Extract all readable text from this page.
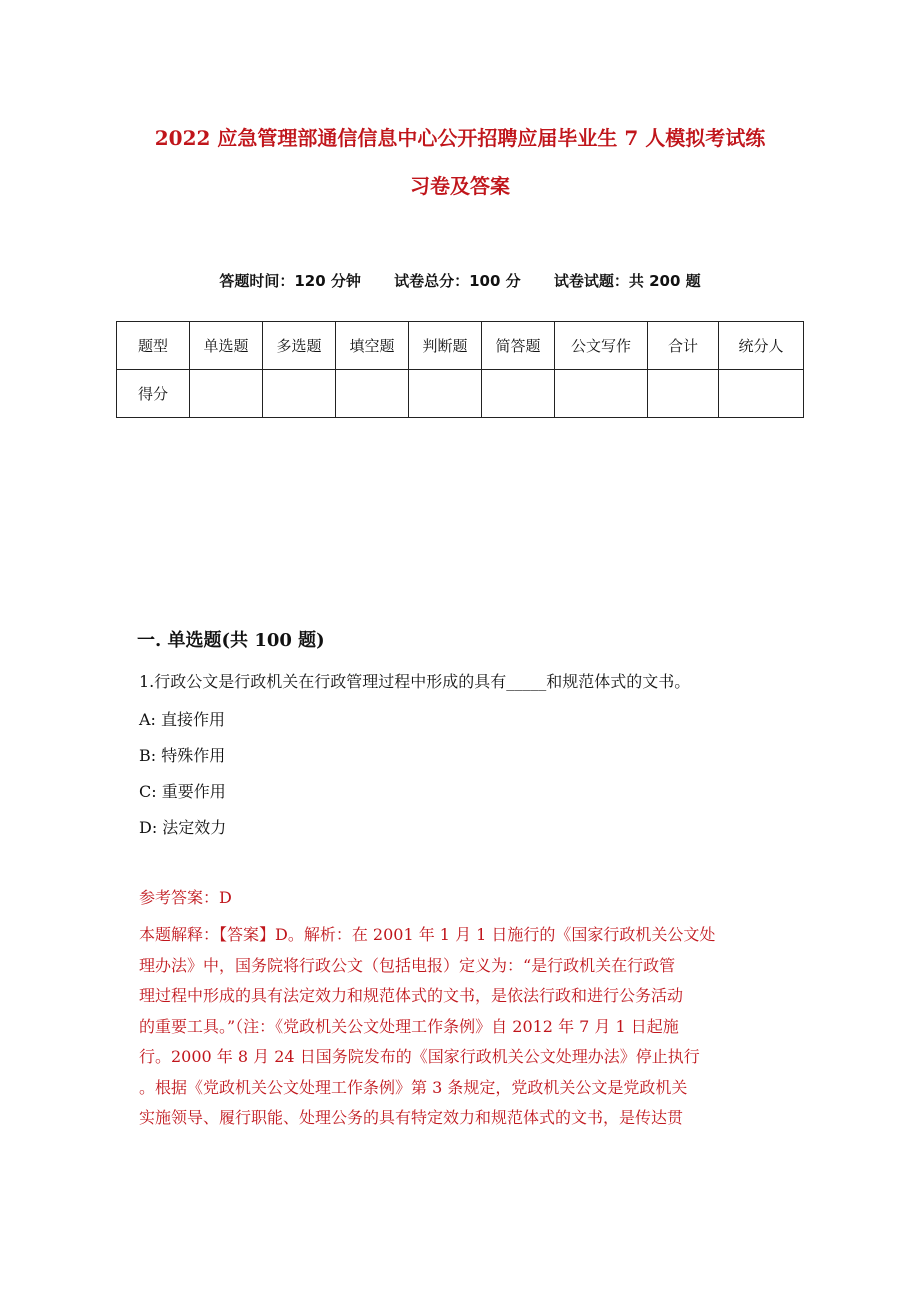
2022 应急管理部通信信息中心公开招聘应届毕业生 7 人模拟考试练
习卷及答案
答题时间：120 分钟 试卷总分：100 分 试卷试题：共 200 题
题型	单选题	多选题	填空题	判断题	简答题	公文写作	合计	统分人
得分								
一. 单选题(共 100 题)
1.行政公文是行政机关在行政管理过程中形成的具有_____和规范体式的文书。
A: 直接作用
B: 特殊作用
C: 重要作用
D: 法定效力
参考答案：D
本题解释：【答案】D。解析：在 2001 年 1 月 1 日施行的《国家行政机关公文处
理办法》中，国务院将行政公文（包括电报）定义为：“是行政机关在行政管
理过程中形成的具有法定效力和规范体式的文书，是依法行政和进行公务活动
的重要工具。”（注：《党政机关公文处理工作条例》自 2012 年 7 月 1 日起施
行。2000 年 8 月 24 日国务院发布的《国家行政机关公文处理办法》停止执行
。根据《党政机关公文处理工作条例》第 3 条规定，党政机关公文是党政机关
实施领导、履行职能、处理公务的具有特定效力和规范体式的文书，是传达贯
